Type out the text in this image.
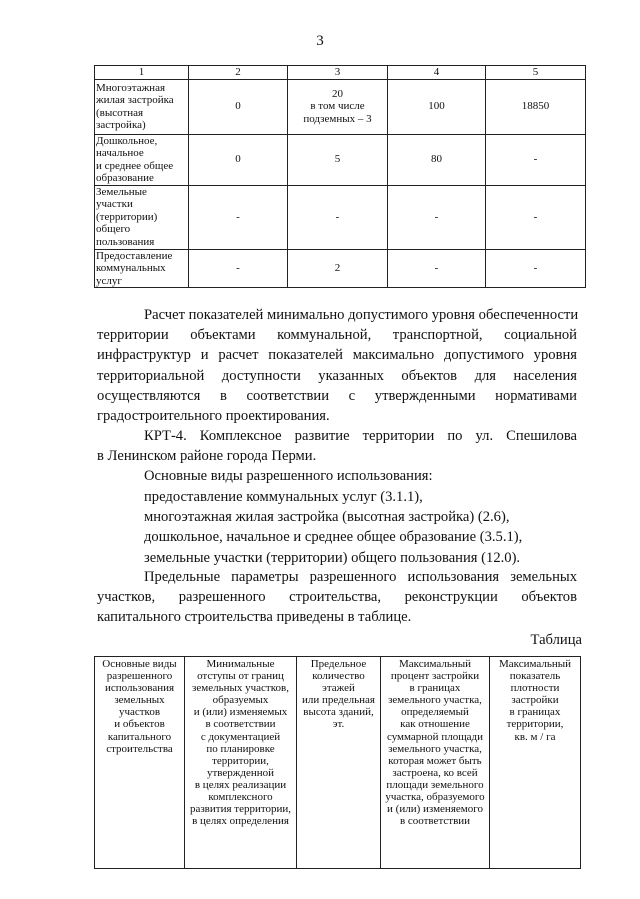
3
1	2	3	4	5

Многоэтажная
жилая застройка
(высотная
застройка)	0	20
в том числе
подземных – 3	100	18850

Дошкольное,
начальное
и среднее общее
образование	0	5	80	-

Земельные
участки
(территории)
общего
пользования	-	-	-	-

Предоставление
коммунальных
услуг	-	2	-	-
Расчет показателей минимально допустимого уровня обеспеченности
территории объектами коммунальной, транспортной, социальной
инфраструктур и расчет показателей максимально допустимого уровня
территориальной доступности указанных объектов для населения
осуществляются в соответствии с утвержденными нормативами
градостроительного проектирования.
КРТ-4. Комплексное развитие территории по ул. Спешилова
в Ленинском районе города Перми.
Основные виды разрешенного использования:
предоставление коммунальных услуг (3.1.1),
многоэтажная жилая застройка (высотная застройка) (2.6),
дошкольное, начальное и среднее общее образование (3.5.1),
земельные участки (территории) общего пользования (12.0).
Предельные параметры разрешенного использования земельных
участков, разрешенного строительства, реконструкции объектов
капитального строительства приведены в таблице.
Таблица
Основные виды
разрешенного
использования
земельных
участков
и объектов
капитального
строительства

Минимальные
отступы от границ
земельных участков,
образуемых
и (или) изменяемых
в соответствии
с документацией
по планировке
территории,
утвержденной
в целях реализации
комплексного
развития территории,
в целях определения

Предельное
количество
этажей
или предельная
высота зданий,
эт.

Максимальный
процент застройки
в границах
земельного участка,
определяемый
как отношение
суммарной площади
земельного участка,
которая может быть
застроена, ко всей
площади земельного
участка, образуемого
и (или) изменяемого
в соответствии

Максимальный
показатель
плотности
застройки
в границах
территории,
кв. м / га
